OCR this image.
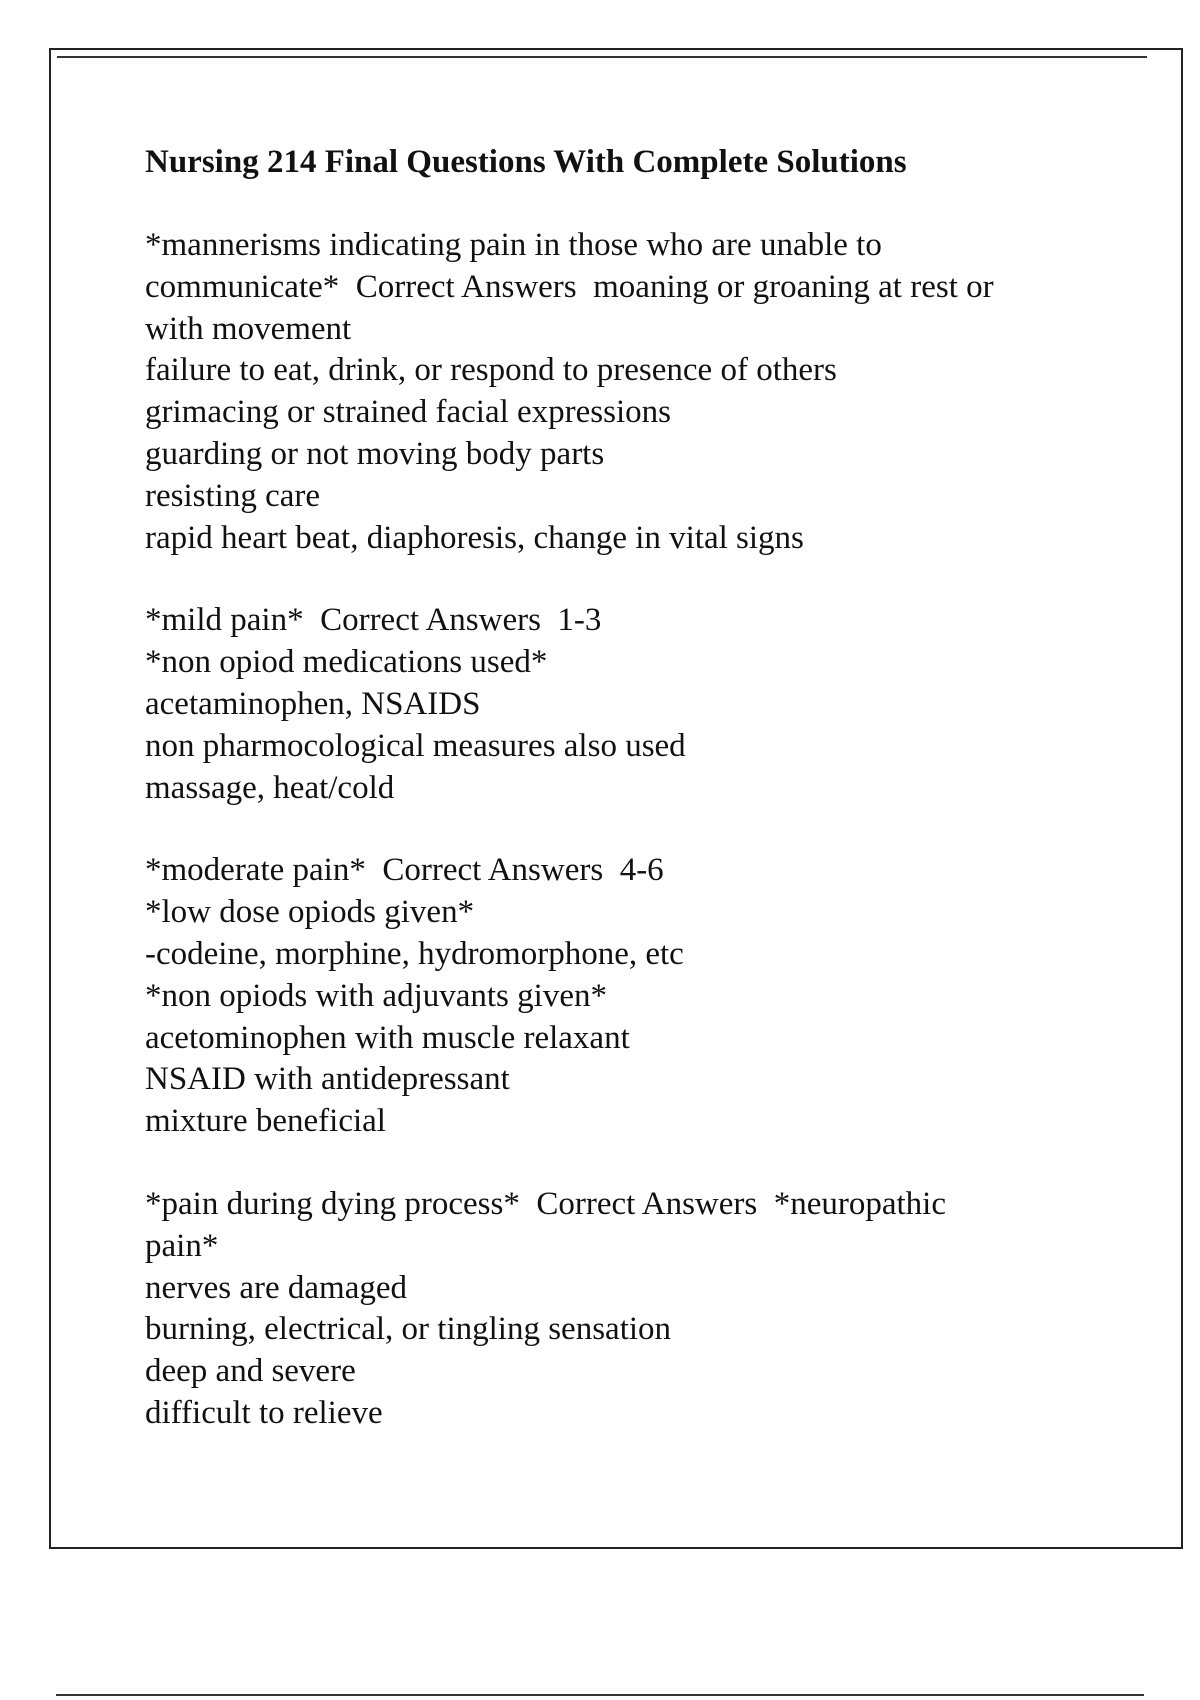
Nursing 214 Final Questions With Complete Solutions
*mannerisms indicating pain in those who are unable to
communicate*  Correct Answers  moaning or groaning at rest or
with movement
failure to eat, drink, or respond to presence of others
grimacing or strained facial expressions
guarding or not moving body parts
resisting care
rapid heart beat, diaphoresis, change in vital signs
*mild pain*  Correct Answers  1-3
*non opiod medications used*
acetaminophen, NSAIDS
non pharmocological measures also used
massage, heat/cold
*moderate pain*  Correct Answers  4-6
*low dose opiods given*
-codeine, morphine, hydromorphone, etc
*non opiods with adjuvants given*
acetominophen with muscle relaxant
NSAID with antidepressant
mixture beneficial
*pain during dying process*  Correct Answers  *neuropathic
pain*
nerves are damaged
burning, electrical, or tingling sensation
deep and severe
difficult to relieve
